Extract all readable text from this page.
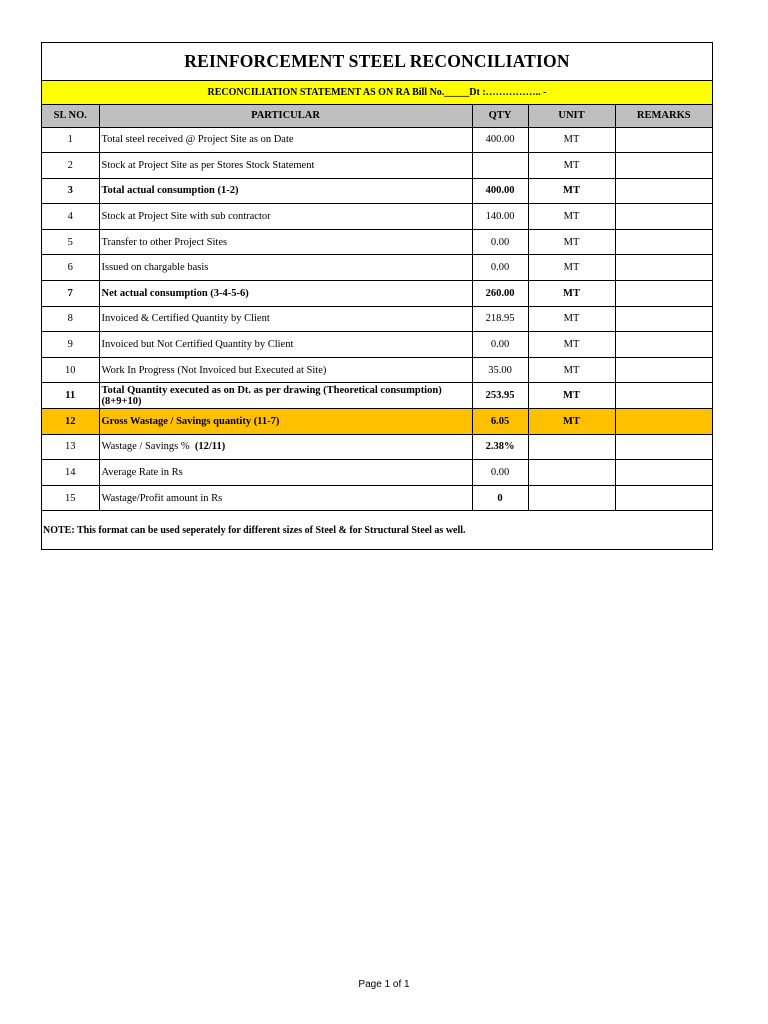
REINFORCEMENT STEEL RECONCILIATION
RECONCILIATION STATEMENT AS ON RA Bill No._____Dt :…………….. -
SL NO.	PARTICULAR	QTY	UNIT	REMARKS
1	Total steel received @ Project Site as on Date	400.00	MT	
2	Stock at Project Site as per Stores Stock Statement		MT	
3	Total actual consumption (1-2)	400.00	MT	
4	Stock at Project Site with sub contractor	140.00	MT	
5	Transfer to other Project Sites	0.00	MT	
6	Issued on chargable basis	0.00	MT	
7	Net actual consumption (3-4-5-6)	260.00	MT	
8	Invoiced & Certified Quantity by Client	218.95	MT	
9	Invoiced but Not Certified Quantity by Client	0.00	MT	
10	Work In Progress (Not Invoiced but Executed at Site)	35.00	MT	
11	Total Quantity executed as on Dt. as per drawing (Theoretical consumption) (8+9+10)	253.95	MT	
12	Gross Wastage / Savings quantity (11-7)	6.05	MT	
13	Wastage / Savings %  (12/11)	2.38%		
14	Average Rate in Rs	0.00		
15	Wastage/Profit amount in Rs	0		
NOTE: This format can be used seperately for different sizes of Steel & for Structural Steel as well.
Page 1 of 1
